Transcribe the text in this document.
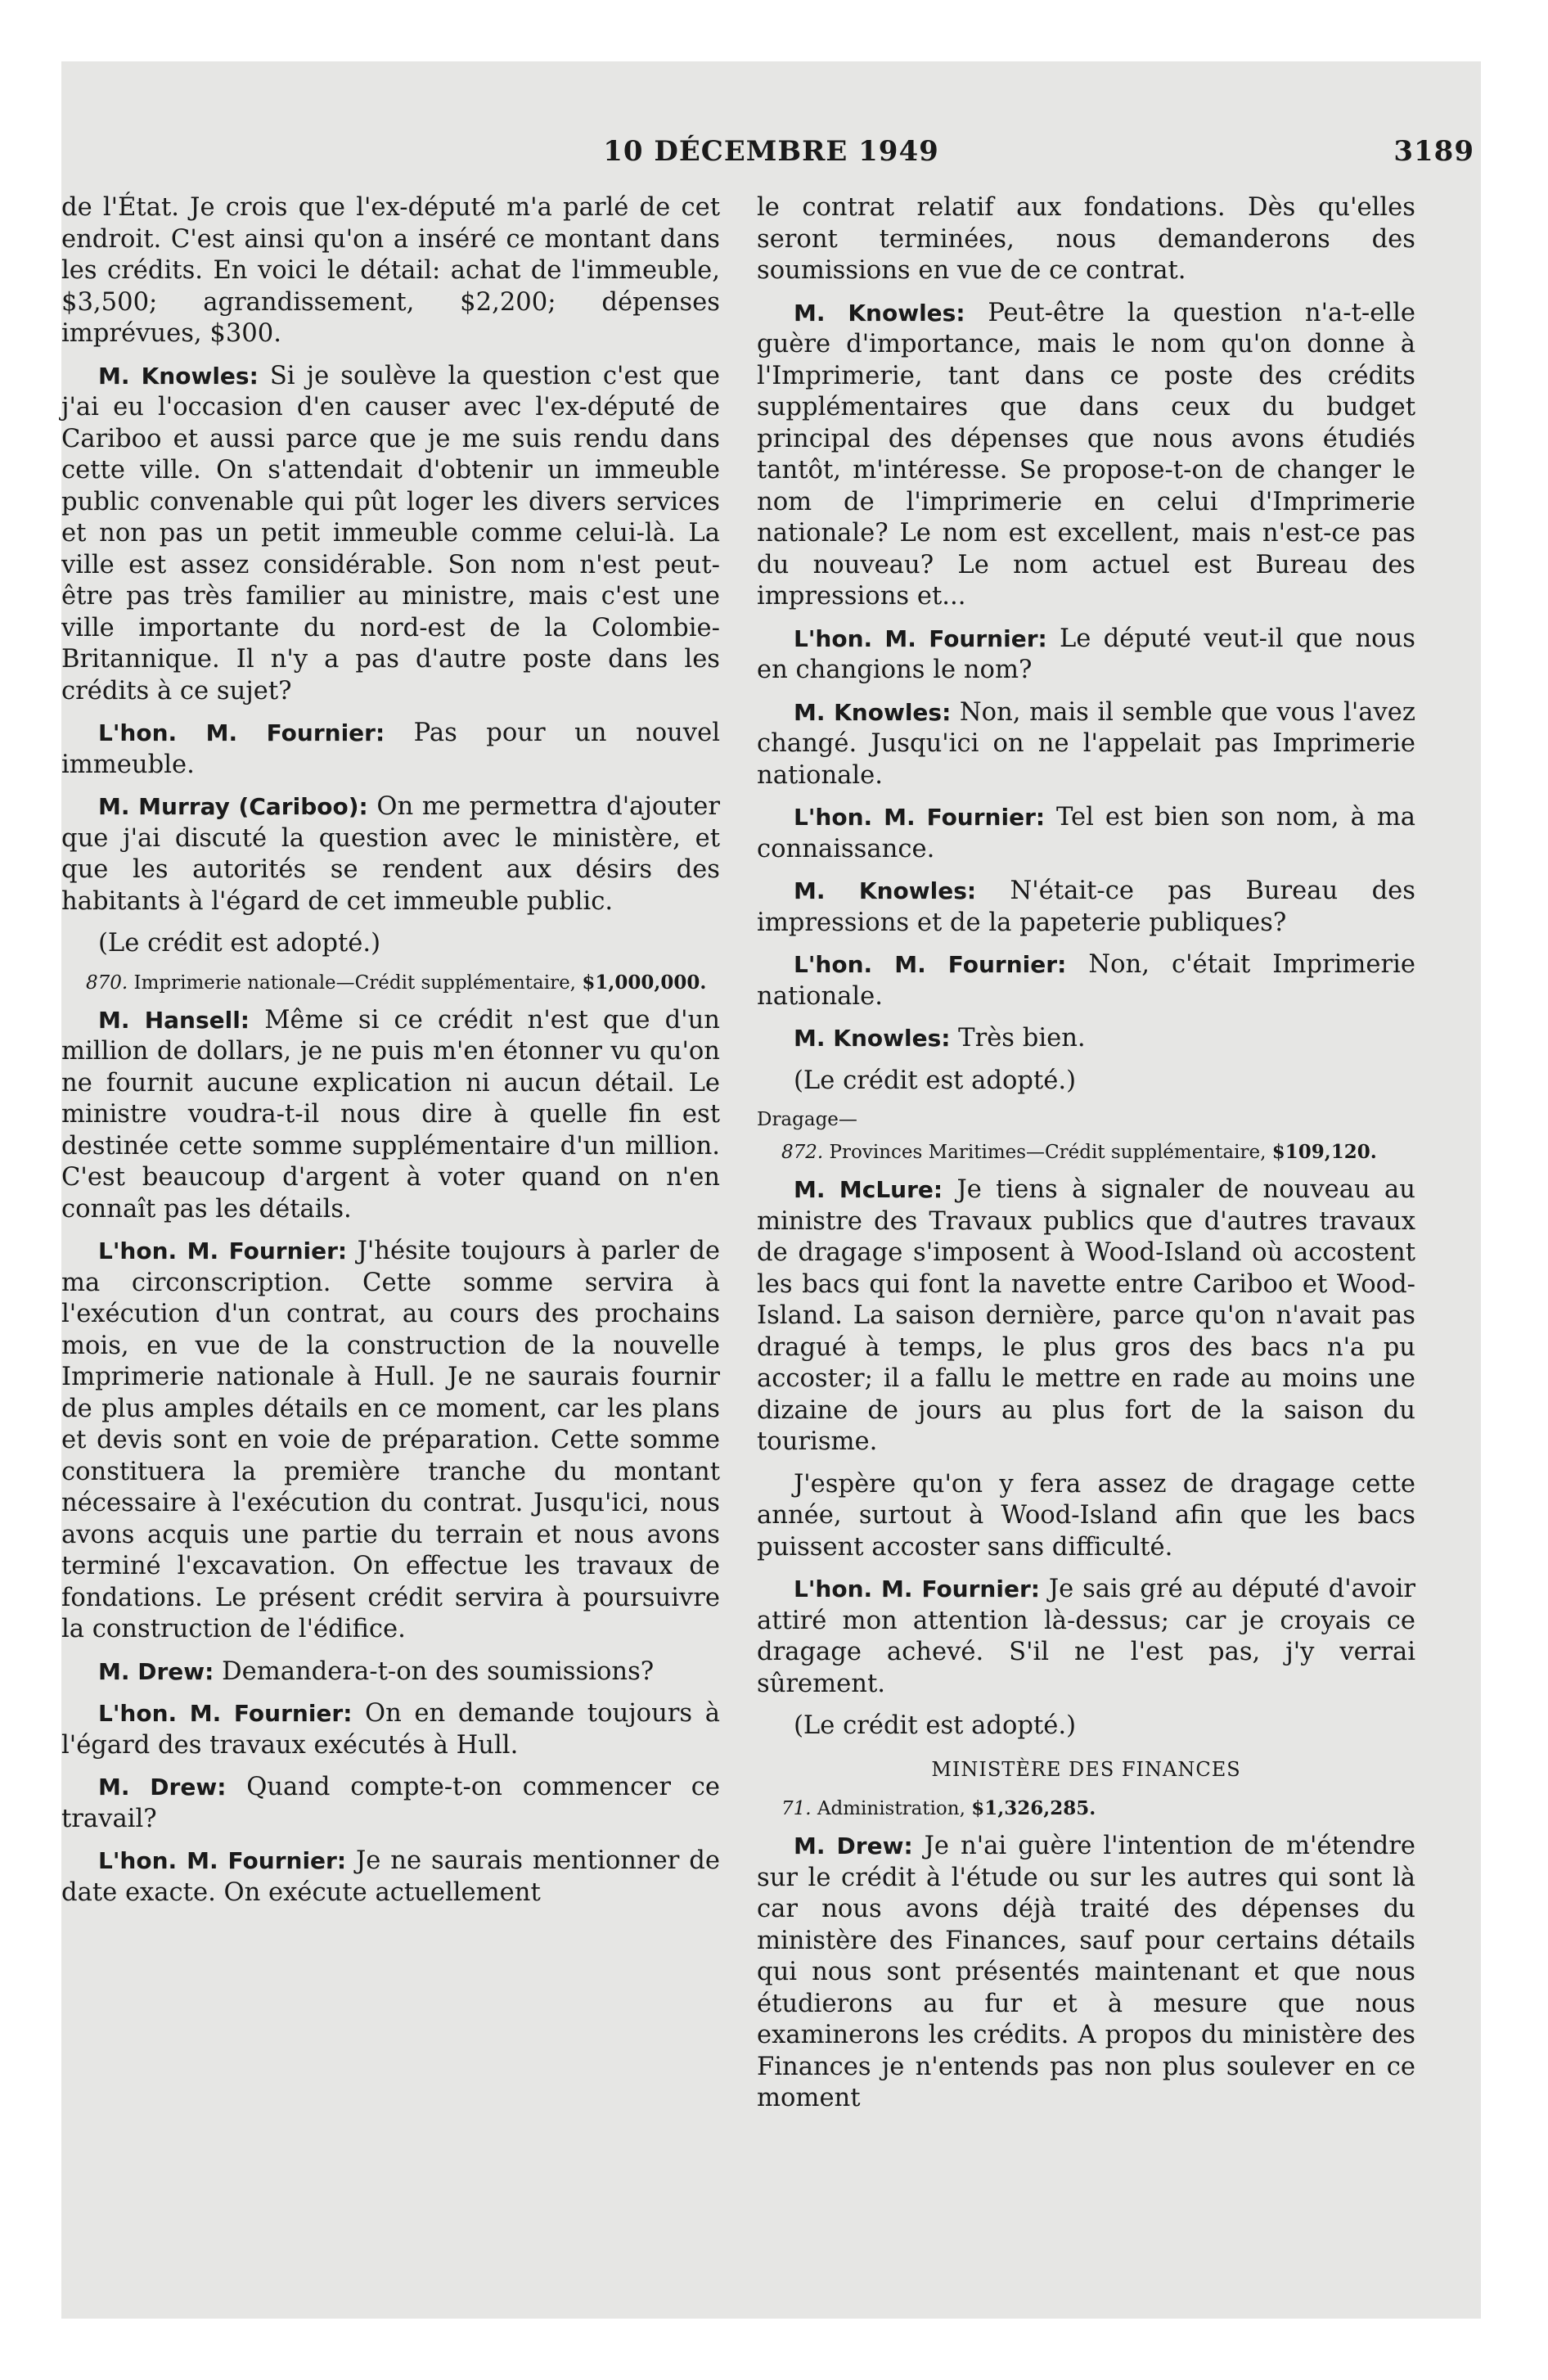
10 DÉCEMBRE 1949	3189

de l'État. Je crois que l'ex-député m'a parlé de cet endroit. C'est ainsi qu'on a inséré ce montant dans les crédits. En voici le détail: achat de l'immeuble, $3,500; agrandissement, $2,200; dépenses imprévues, $300.

M. Knowles: Si je soulève la question c'est que j'ai eu l'occasion d'en causer avec l'ex-député de Cariboo et aussi parce que je me suis rendu dans cette ville. On s'attendait d'obtenir un immeuble public convenable qui pût loger les divers services et non pas un petit immeuble comme celui-là. La ville est assez considérable. Son nom n'est peut-être pas très familier au ministre, mais c'est une ville importante du nord-est de la Colombie-Britannique. Il n'y a pas d'autre poste dans les crédits à ce sujet?

L'hon. M. Fournier: Pas pour un nouvel immeuble.

M. Murray (Cariboo): On me permettra d'ajouter que j'ai discuté la question avec le ministère, et que les autorités se rendent aux désirs des habitants à l'égard de cet immeuble public.

(Le crédit est adopté.)

870. Imprimerie nationale—Crédit supplémentaire, $1,000,000.

M. Hansell: Même si ce crédit n'est que d'un million de dollars, je ne puis m'en étonner vu qu'on ne fournit aucune explication ni aucun détail. Le ministre voudra-t-il nous dire à quelle fin est destinée cette somme supplémentaire d'un million. C'est beaucoup d'argent à voter quand on n'en connaît pas les détails.

L'hon. M. Fournier: J'hésite toujours à parler de ma circonscription. Cette somme servira à l'exécution d'un contrat, au cours des prochains mois, en vue de la construction de la nouvelle Imprimerie nationale à Hull. Je ne saurais fournir de plus amples détails en ce moment, car les plans et devis sont en voie de préparation. Cette somme constituera la première tranche du montant nécessaire à l'exécution du contrat. Jusqu'ici, nous avons acquis une partie du terrain et nous avons terminé l'excavation. On effectue les travaux de fondations. Le présent crédit servira à poursuivre la construction de l'édifice.

M. Drew: Demandera-t-on des soumissions?

L'hon. M. Fournier: On en demande toujours à l'égard des travaux exécutés à Hull.

M. Drew: Quand compte-t-on commencer ce travail?

L'hon. M. Fournier: Je ne saurais mentionner de date exacte. On exécute actuellement

le contrat relatif aux fondations. Dès qu'elles seront terminées, nous demanderons des soumissions en vue de ce contrat.

M. Knowles: Peut-être la question n'a-t-elle guère d'importance, mais le nom qu'on donne à l'Imprimerie, tant dans ce poste des crédits supplémentaires que dans ceux du budget principal des dépenses que nous avons étudiés tantôt, m'intéresse. Se propose-t-on de changer le nom de l'imprimerie en celui d'Imprimerie nationale? Le nom est excellent, mais n'est-ce pas du nouveau? Le nom actuel est Bureau des impressions et...

L'hon. M. Fournier: Le député veut-il que nous en changions le nom?

M. Knowles: Non, mais il semble que vous l'avez changé. Jusqu'ici on ne l'appelait pas Imprimerie nationale.

L'hon. M. Fournier: Tel est bien son nom, à ma connaissance.

M. Knowles: N'était-ce pas Bureau des impressions et de la papeterie publiques?

L'hon. M. Fournier: Non, c'était Imprimerie nationale.

M. Knowles: Très bien.

(Le crédit est adopté.)

Dragage—

872. Provinces Maritimes—Crédit supplémentaire, $109,120.

M. McLure: Je tiens à signaler de nouveau au ministre des Travaux publics que d'autres travaux de dragage s'imposent à Wood-Island où accostent les bacs qui font la navette entre Cariboo et Wood-Island. La saison dernière, parce qu'on n'avait pas dragué à temps, le plus gros des bacs n'a pu accoster; il a fallu le mettre en rade au moins une dizaine de jours au plus fort de la saison du tourisme.

J'espère qu'on y fera assez de dragage cette année, surtout à Wood-Island afin que les bacs puissent accoster sans difficulté.

L'hon. M. Fournier: Je sais gré au député d'avoir attiré mon attention là-dessus; car je croyais ce dragage achevé. S'il ne l'est pas, j'y verrai sûrement.

(Le crédit est adopté.)

MINISTÈRE DES FINANCES

71. Administration, $1,326,285.

M. Drew: Je n'ai guère l'intention de m'étendre sur le crédit à l'étude ou sur les autres qui sont là car nous avons déjà traité des dépenses du ministère des Finances, sauf pour certains détails qui nous sont présentés maintenant et que nous étudierons au fur et à mesure que nous examinerons les crédits. A propos du ministère des Finances je n'entends pas non plus soulever en ce moment
